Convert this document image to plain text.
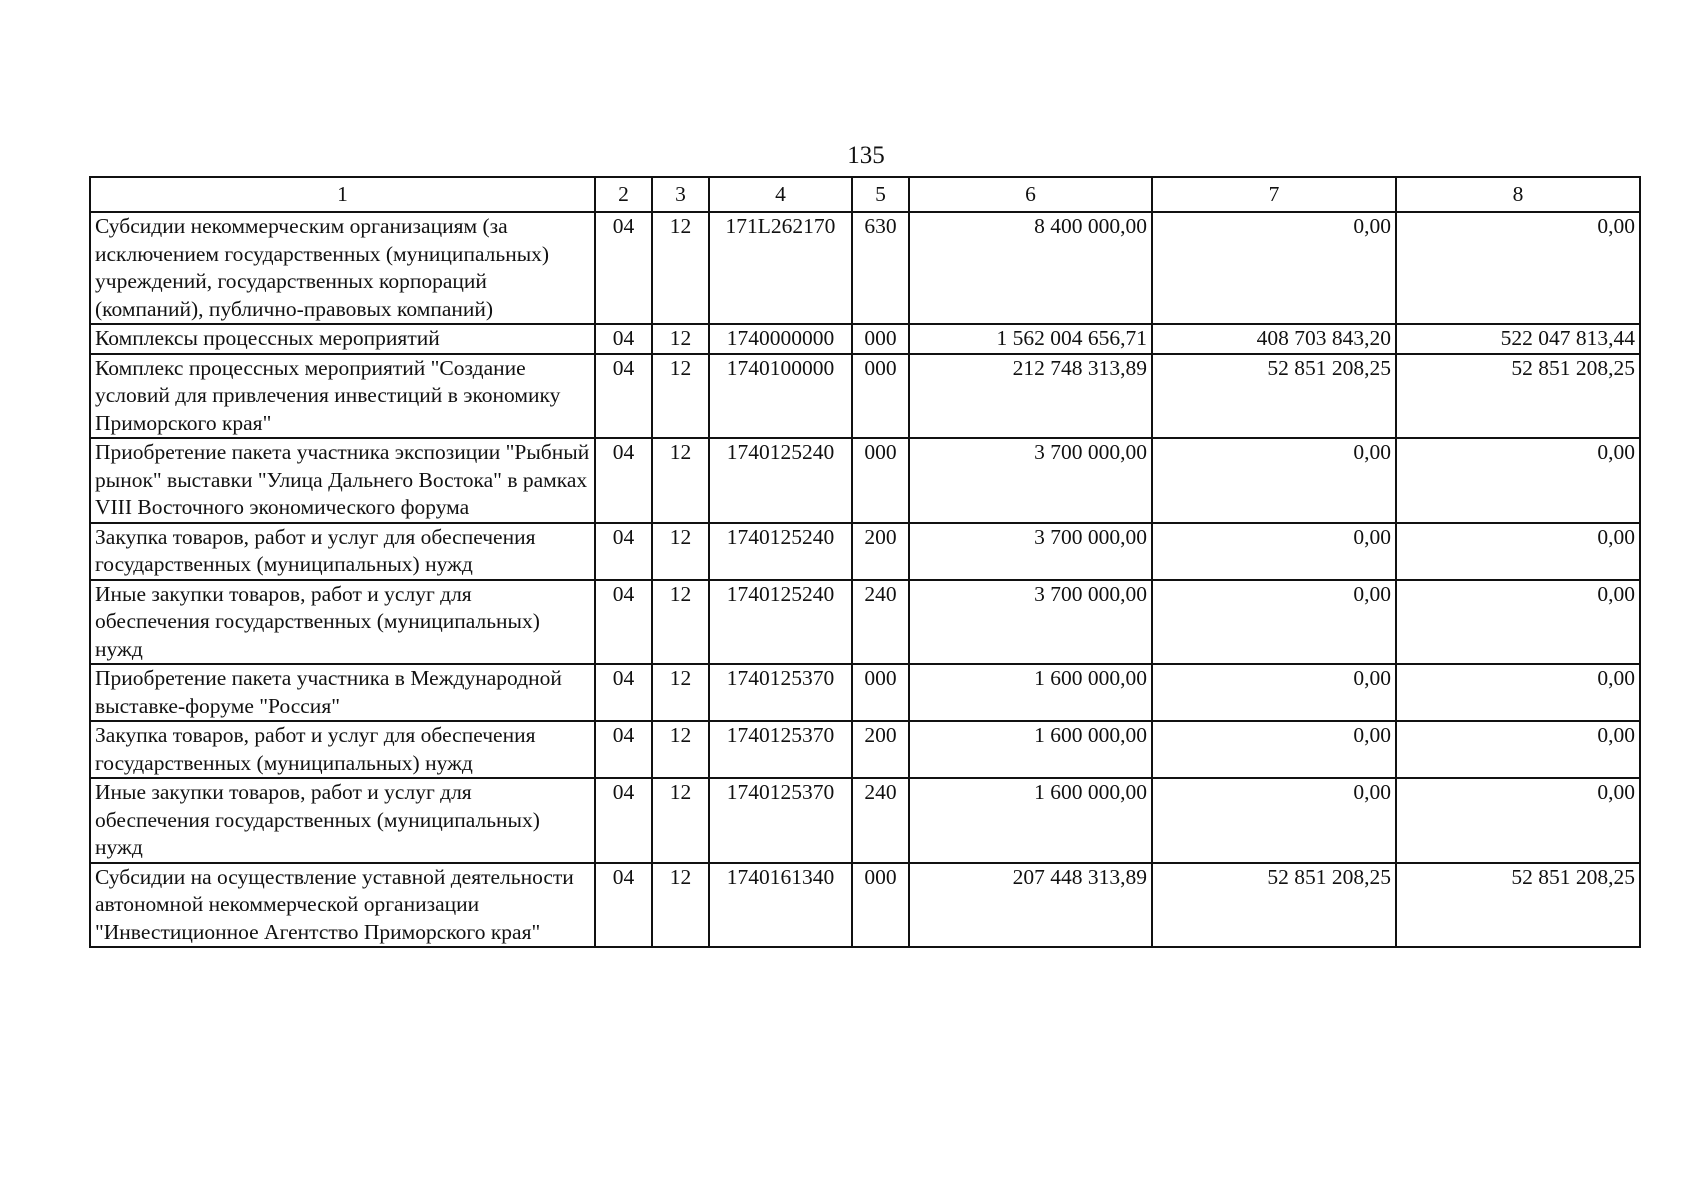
135
1	2	3	4	5	6	7	8
Субсидии некоммерческим организациям (за исключением государственных (муниципальных) учреждений, государственных корпораций (компаний), публично-правовых компаний)	04	12	171L262170	630	8 400 000,00	0,00	0,00
Комплексы процессных мероприятий	04	12	1740000000	000	1 562 004 656,71	408 703 843,20	522 047 813,44
Комплекс процессных мероприятий "Создание условий для привлечения инвестиций в экономику Приморского края"	04	12	1740100000	000	212 748 313,89	52 851 208,25	52 851 208,25
Приобретение пакета участника экспозиции "Рыбный рынок" выставки "Улица Дальнего Востока" в рамках VIII Восточного экономического форума	04	12	1740125240	000	3 700 000,00	0,00	0,00
Закупка товаров, работ и услуг для обеспечения государственных (муниципальных) нужд	04	12	1740125240	200	3 700 000,00	0,00	0,00
Иные закупки товаров, работ и услуг для обеспечения государственных (муниципальных) нужд	04	12	1740125240	240	3 700 000,00	0,00	0,00
Приобретение пакета участника в Международной выставке-форуме "Россия"	04	12	1740125370	000	1 600 000,00	0,00	0,00
Закупка товаров, работ и услуг для обеспечения государственных (муниципальных) нужд	04	12	1740125370	200	1 600 000,00	0,00	0,00
Иные закупки товаров, работ и услуг для обеспечения государственных (муниципальных) нужд	04	12	1740125370	240	1 600 000,00	0,00	0,00
Субсидии на осуществление уставной деятельности автономной некоммерческой организации "Инвестиционное Агентство Приморского края"	04	12	1740161340	000	207 448 313,89	52 851 208,25	52 851 208,25
